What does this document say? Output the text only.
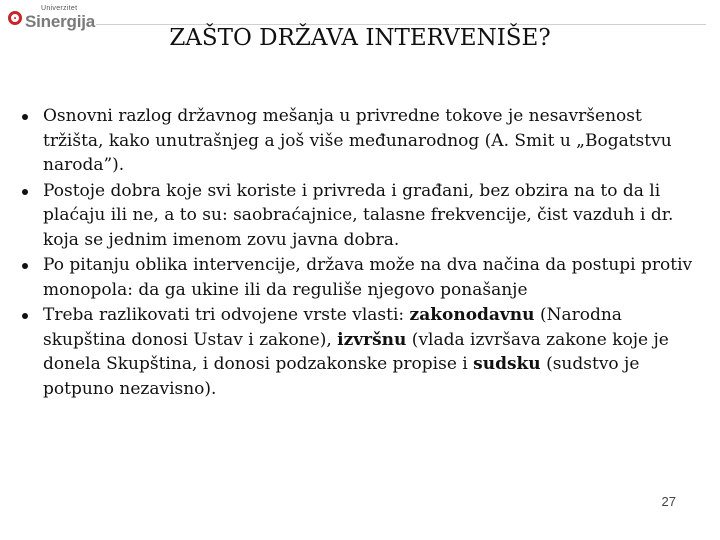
Univerzitet
Sinergija
ZAŠTO DRŽAVA INTERVENIŠE?
Osnovni razlog državnog mešanja u privredne tokove je nesavršenost tržišta, kako unutrašnjeg a još više međunarodnog (A. Smit u „Bogatstvu naroda”).
Postoje dobra koje svi koriste i privreda i građani, bez obzira na to da li plaćaju ili ne, a to su: saobraćajnice, talasne frekvencije, čist vazduh i dr. koja se jednim imenom zovu javna dobra.
Po pitanju oblika intervencije, država može na dva načina da postupi protiv monopola: da ga ukine ili da reguliše njegovo ponašanje
Treba razlikovati tri odvojene vrste vlasti: zakonodavnu (Narodna skupština donosi Ustav i zakone), izvršnu (vlada izvršava zakone koje je donela Skupština, i donosi podzakonske propise i sudsku (sudstvo je potpuno nezavisno).
27
